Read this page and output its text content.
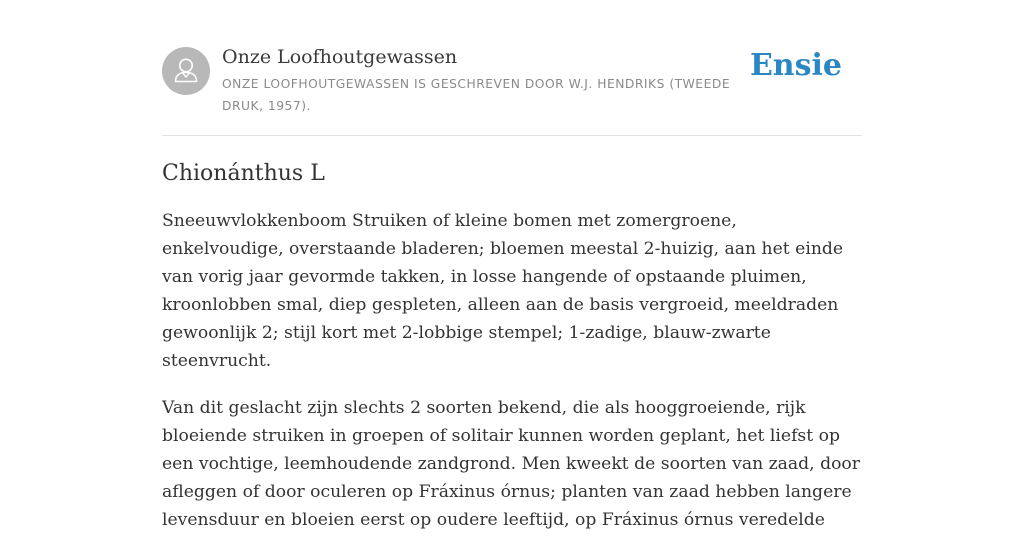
Onze Loofhoutgewassen
ONZE LOOFHOUTGEWASSEN IS GESCHREVEN DOOR W.J. HENDRIKS (TWEEDE DRUK, 1957).
Ensie
Chionánthus L

Sneeuwvlokkenboom Struiken of kleine bomen met zomergroene, enkelvoudige, overstaande bladeren; bloemen meestal 2-huizig, aan het einde van vorig jaar gevormde takken, in losse hangende of opstaande pluimen, kroonlobben smal, diep gespleten, alleen aan de basis vergroeid, meeldraden gewoonlijk 2; stijl kort met 2-lobbige stempel; 1-zadige, blauw-zwarte steenvrucht.

Van dit geslacht zijn slechts 2 soorten bekend, die als hooggroeiende, rijk bloeiende struiken in groepen of solitair kunnen worden geplant, het liefst op een vochtige, leemhoudende zandgrond. Men kweekt de soorten van zaad, door afleggen of door oculeren op Fráxinus órnus; planten van zaad hebben langere levensduur en bloeien eerst op oudere leeftijd, op Fráxinus órnus veredelde
